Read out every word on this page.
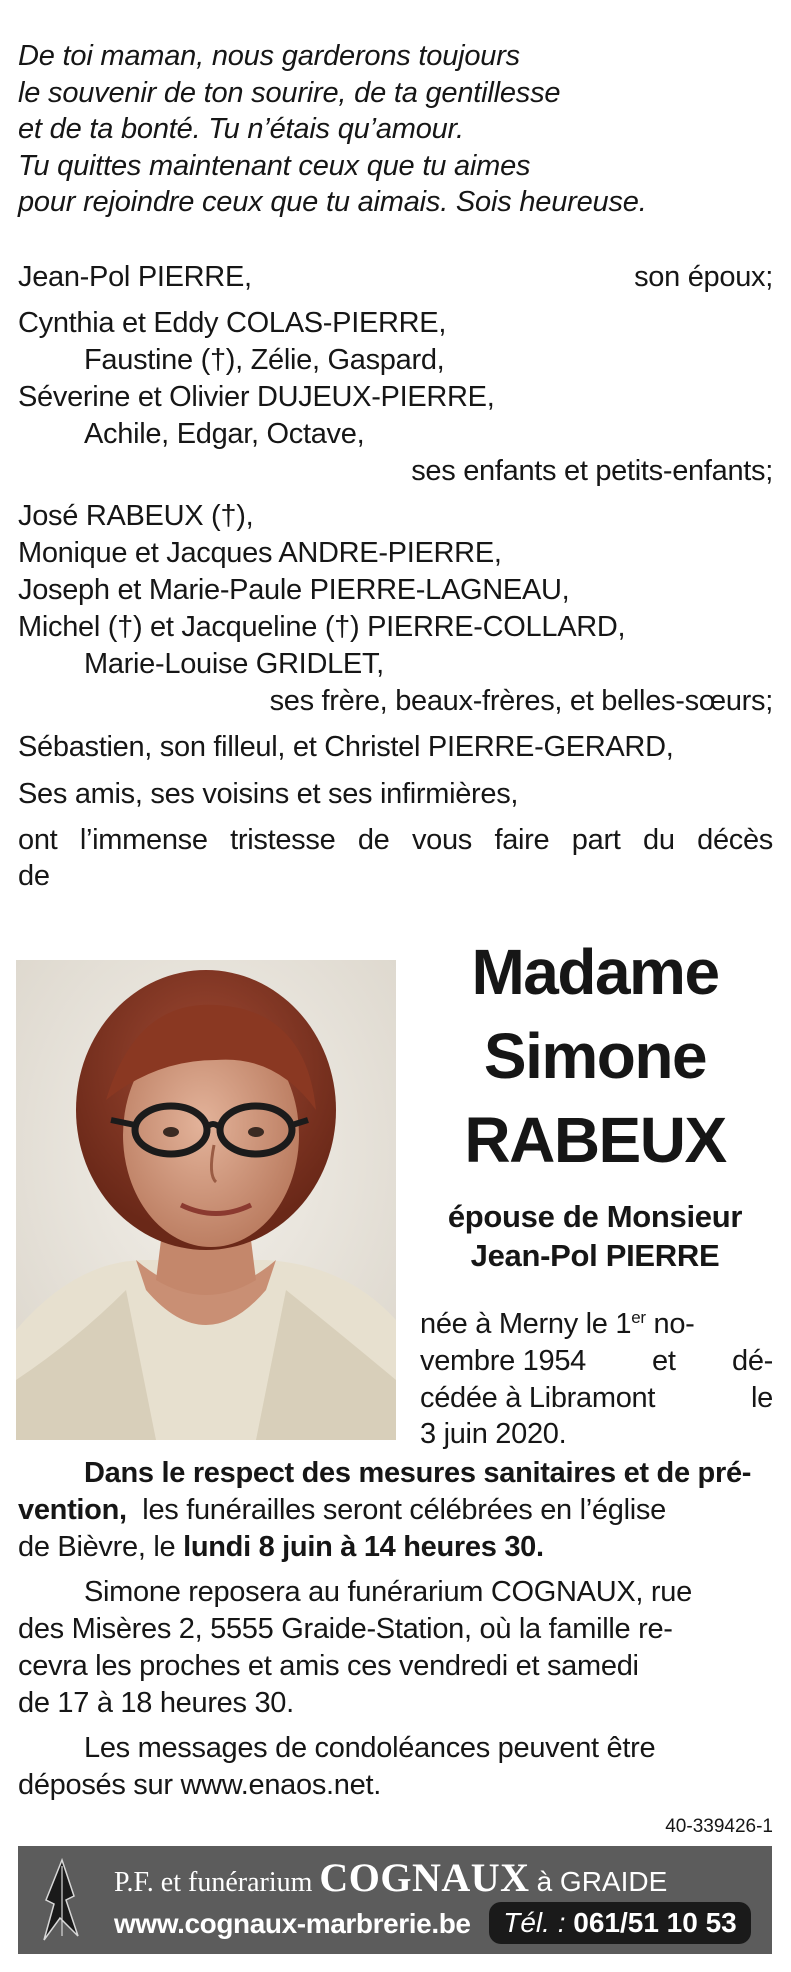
De toi maman, nous garderons toujours
le souvenir de ton sourire, de ta gentillesse
et de ta bonté. Tu n’étais qu’amour.
Tu quittes maintenant ceux que tu aimes
pour rejoindre ceux que tu aimais. Sois heureuse.
Jean-Pol PIERRE,	son époux;
Cynthia et Eddy COLAS-PIERRE,
Faustine (†), Zélie, Gaspard,
Séverine et Olivier DUJEUX-PIERRE,
Achile, Edgar, Octave,
ses enfants et petits-enfants;
José RABEUX (†),
Monique et Jacques ANDRE-PIERRE,
Joseph et Marie-Paule PIERRE-LAGNEAU,
Michel (†) et Jacqueline (†) PIERRE-COLLARD,
Marie-Louise GRIDLET,
ses frère, beaux-frères, et belles-sœurs;
Sébastien, son filleul, et Christel PIERRE-GERARD,
Ses amis, ses voisins et ses infirmières,
ont l’immense tristesse de vous faire part du décès
de
Madame
Simone
RABEUX
épouse de Monsieur
Jean-Pol PIERRE
née à Merny le 1er no-
vembre 1954 et dé-
cédée à Libramont	le
3 juin 2020.
Dans le respect des mesures sanitaires et de pré-
vention, les funérailles seront célébrées en l’église
de Bièvre, le lundi 8 juin à 14 heures 30.
Simone reposera au funérarium COGNAUX, rue
des Misères 2, 5555 Graide-Station, où la famille re-
cevra les proches et amis ces vendredi et samedi
de 17 à 18 heures 30.
Les messages de condoléances peuvent être
déposés sur www.enaos.net.
40-339426-1
P.F. et funérarium COGNAUX à GRAIDE
www.cognaux-marbrerie.be	Tél. : 061/51 10 53
